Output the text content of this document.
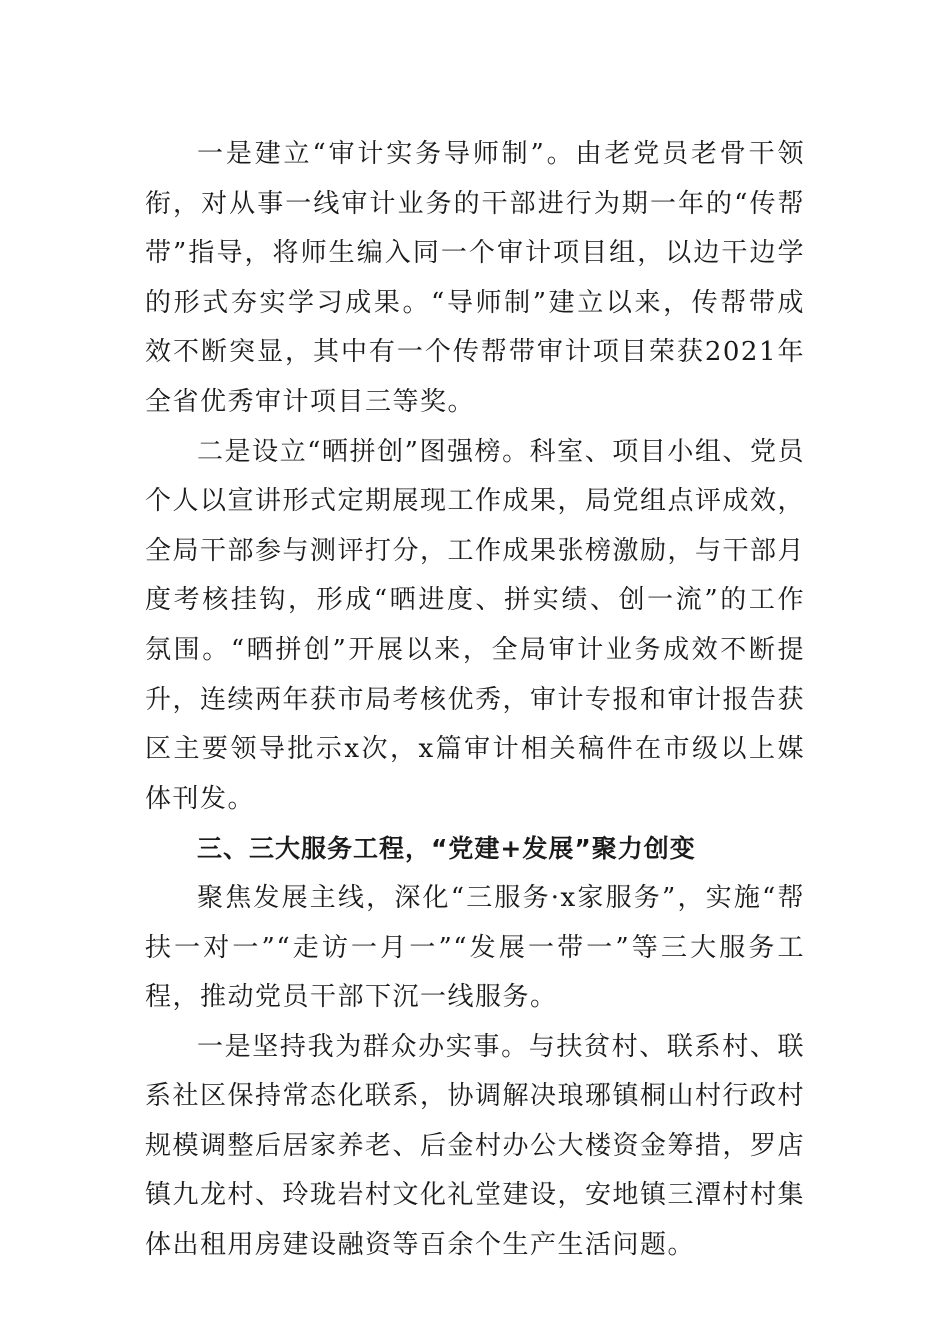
一是建立“审计实务导师制”。由老党员老骨干领衔，对从事一线审计业务的干部进行为期一年的“传帮带”指导，将师生编入同一个审计项目组，以边干边学的形式夯实学习成果。“导师制”建立以来，传帮带成效不断突显，其中有一个传帮带审计项目荣获2021年全省优秀审计项目三等奖。

二是设立“晒拼创”图强榜。科室、项目小组、党员个人以宣讲形式定期展现工作成果，局党组点评成效，全局干部参与测评打分，工作成果张榜激励，与干部月度考核挂钩，形成“晒进度、拼实绩、创一流”的工作氛围。“晒拼创”开展以来，全局审计业务成效不断提升，连续两年获市局考核优秀，审计专报和审计报告获区主要领导批示x次，x篇审计相关稿件在市级以上媒体刊发。

三、三大服务工程，“党建+发展”聚力创变

聚焦发展主线，深化“三服务·x家服务”，实施“帮扶一对一”“走访一月一”“发展一带一”等三大服务工程，推动党员干部下沉一线服务。

一是坚持我为群众办实事。与扶贫村、联系村、联系社区保持常态化联系，协调解决琅琊镇桐山村行政村规模调整后居家养老、后金村办公大楼资金筹措，罗店镇九龙村、玲珑岩村文化礼堂建设，安地镇三潭村村集体出租用房建设融资等百余个生产生活问题。
